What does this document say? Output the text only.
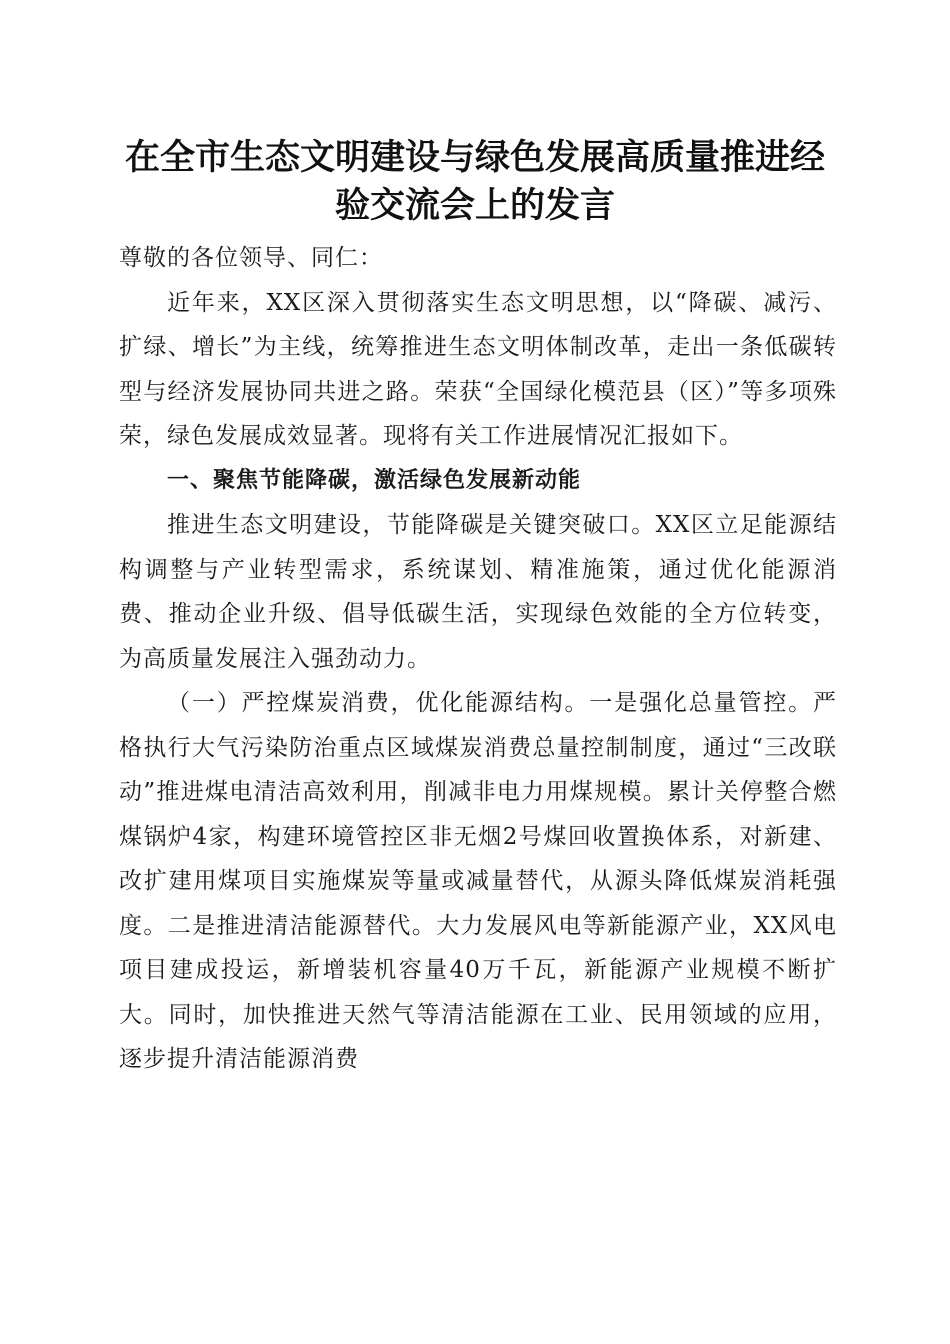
在全市生态文明建设与绿色发展高质量推进经
验交流会上的发言

尊敬的各位领导、同仁：

近年来，XX区深入贯彻落实生态文明思想，以“降碳、减污、扩绿、增长”为主线，统筹推进生态文明体制改革，走出一条低碳转型与经济发展协同共进之路。荣获“全国绿化模范县（区）”等多项殊荣，绿色发展成效显著。现将有关工作进展情况汇报如下。

一、聚焦节能降碳，激活绿色发展新动能

推进生态文明建设，节能降碳是关键突破口。XX区立足能源结构调整与产业转型需求，系统谋划、精准施策，通过优化能源消费、推动企业升级、倡导低碳生活，实现绿色效能的全方位转变，为高质量发展注入强劲动力。

（一）严控煤炭消费，优化能源结构。一是强化总量管控。严格执行大气污染防治重点区域煤炭消费总量控制制度，通过“三改联动”推进煤电清洁高效利用，削减非电力用煤规模。累计关停整合燃煤锅炉4家，构建环境管控区非无烟2号煤回收置换体系，对新建、改扩建用煤项目实施煤炭等量或减量替代，从源头降低煤炭消耗强度。二是推进清洁能源替代。大力发展风电等新能源产业，XX风电项目建成投运，新增装机容量40万千瓦，新能源产业规模不断扩大。同时，加快推进天然气等清洁能源在工业、民用领域的应用，逐步提升清洁能源消费
